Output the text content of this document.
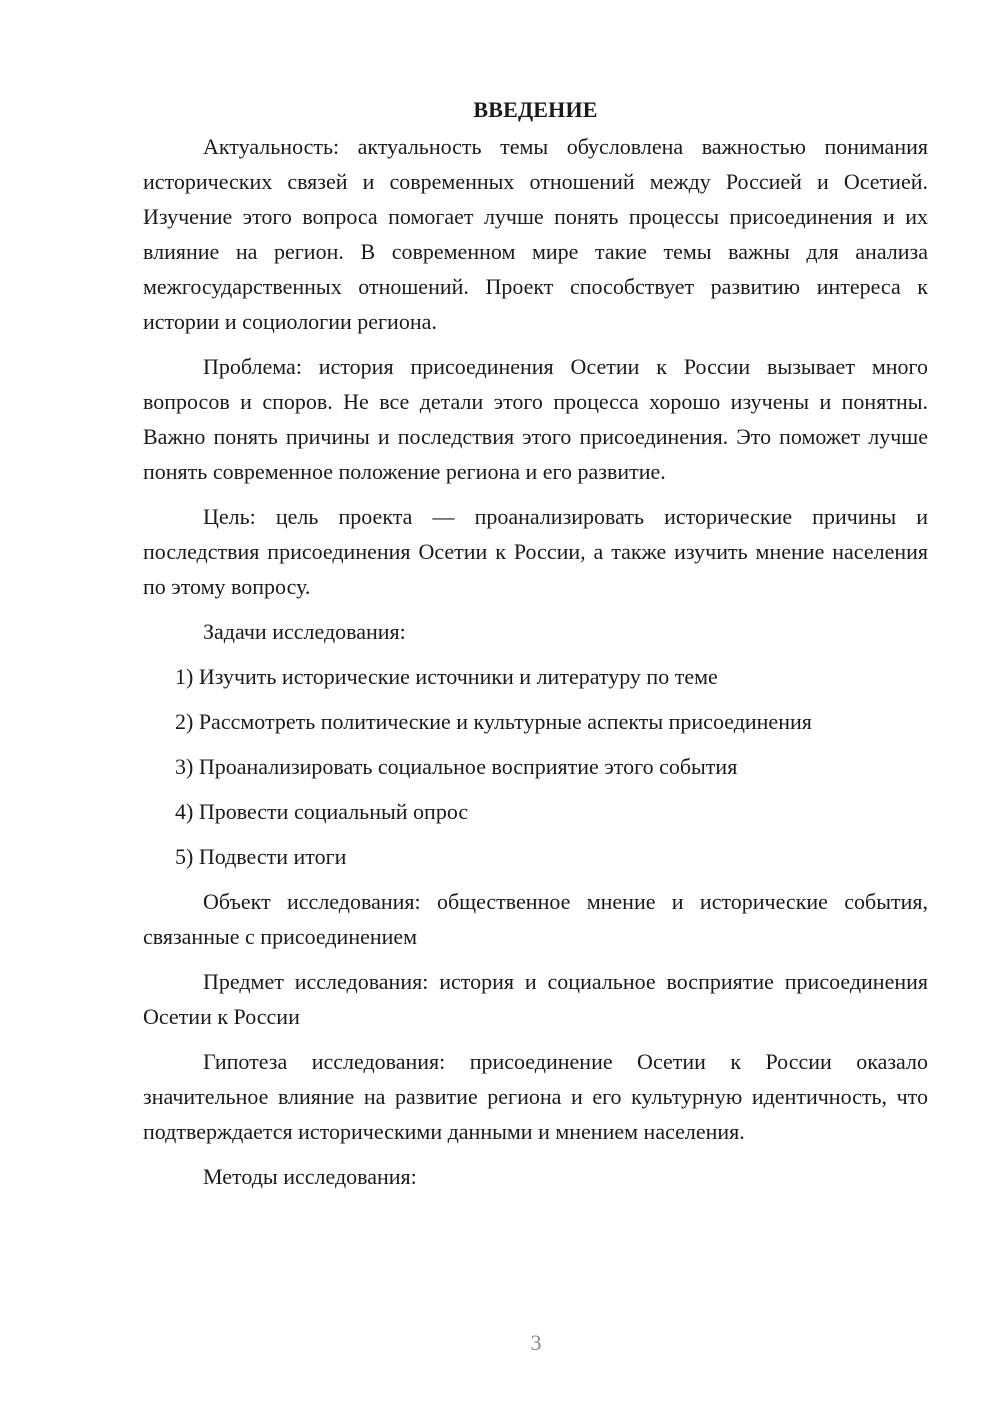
ВВЕДЕНИЕ

Актуальность: актуальность темы обусловлена важностью понимания исторических связей и современных отношений между Россией и Осетией. Изучение этого вопроса помогает лучше понять процессы присоединения и их влияние на регион. В современном мире такие темы важны для анализа межгосударственных отношений. Проект способствует развитию интереса к истории и социологии региона.

Проблема: история присоединения Осетии к России вызывает много вопросов и споров. Не все детали этого процесса хорошо изучены и понятны. Важно понять причины и последствия этого присоединения. Это поможет лучше понять современное положение региона и его развитие.

Цель: цель проекта — проанализировать исторические причины и последствия присоединения Осетии к России, а также изучить мнение населения по этому вопросу.

Задачи исследования:

1) Изучить исторические источники и литературу по теме

2) Рассмотреть политические и культурные аспекты присоединения

3) Проанализировать социальное восприятие этого события

4) Провести социальный опрос

5) Подвести итоги

Объект исследования: общественное мнение и исторические события, связанные с присоединением

Предмет исследования: история и социальное восприятие присоединения Осетии к России

Гипотеза исследования: присоединение Осетии к России оказало значительное влияние на развитие региона и его культурную идентичность, что подтверждается историческими данными и мнением населения.

Методы исследования:

3
